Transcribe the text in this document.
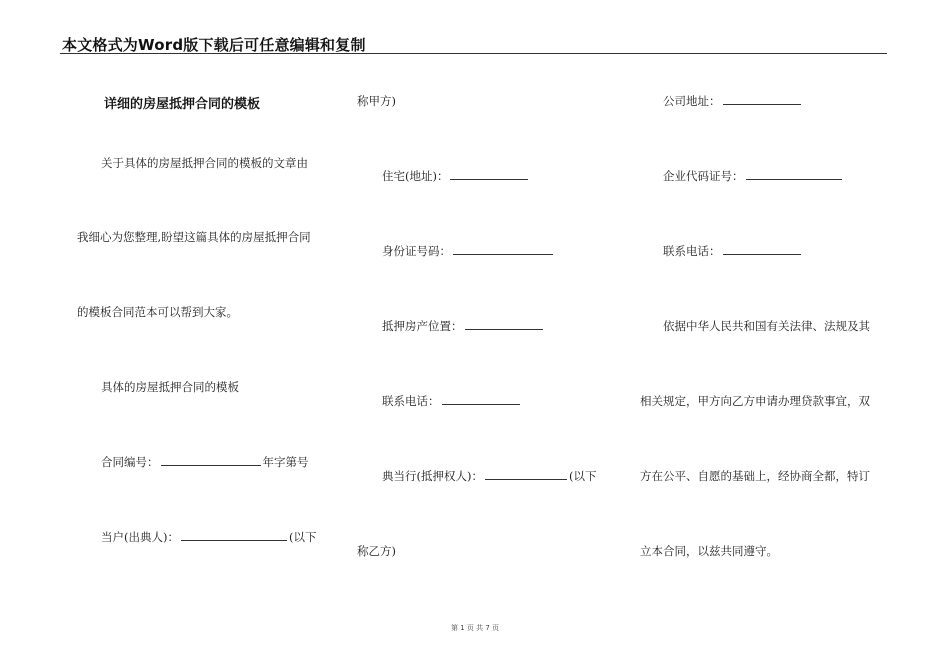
本文格式为Word版下载后可任意编辑和复制
详细的房屋抵押合同的模板
关于具体的房屋抵押合同的模板的文章由
我细心为您整理,盼望这篇具体的房屋抵押合同
的模板合同范本可以帮到大家。
具体的房屋抵押合同的模板
合同编号：	年字第号
当户(出典人)：	(以下
称甲方)
住宅(地址)：
身份证号码：
抵押房产位置：
联系电话：
典当行(抵押权人)：	(以下
称乙方)
公司地址：
企业代码证号：
联系电话：
依据中华人民共和国有关法律、法规及其
相关规定，甲方向乙方申请办理贷款事宜，双
方在公平、自愿的基础上，经协商全都，特订
立本合同，以兹共同遵守。
第 1 页 共 7 页
